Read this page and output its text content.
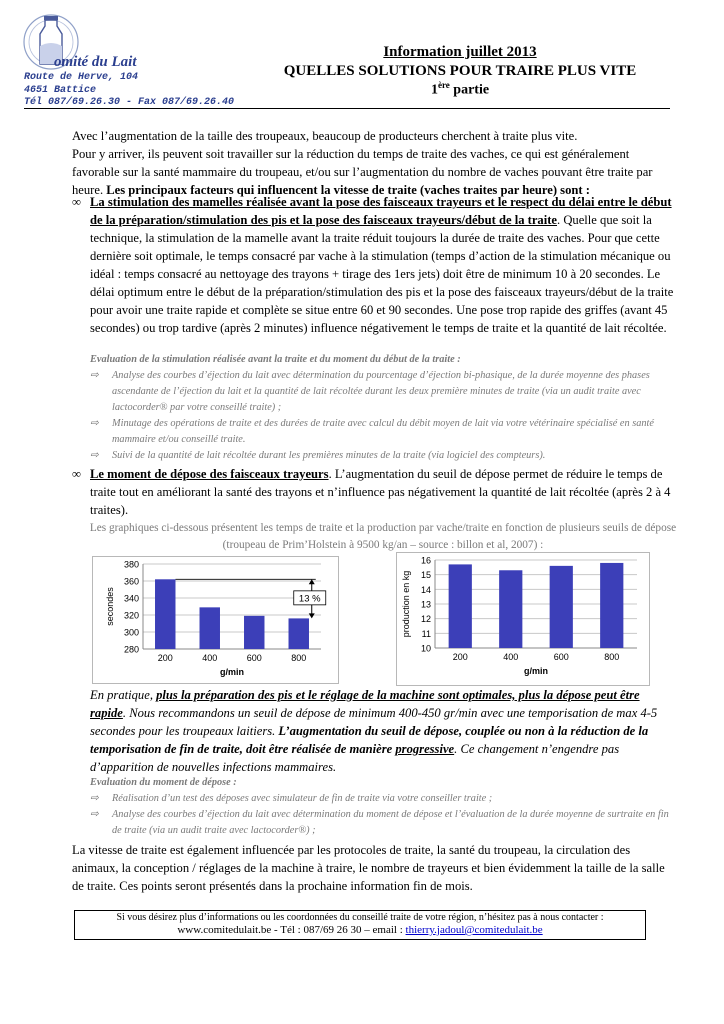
omité du Lait
Route de Herve, 104
4651 Battice
Tél 087/69.26.30 - Fax 087/69.26.40
Information juillet 2013
QUELLES SOLUTIONS POUR TRAIRE PLUS VITE
1ère partie
Avec l’augmentation de la taille des troupeaux, beaucoup de producteurs cherchent à traite plus vite.
Pour y arriver, ils peuvent soit travailler sur la réduction du temps de traite des vaches, ce qui est généralement favorable sur la santé mammaire du troupeau, et/ou sur l’augmentation du nombre de vaches pouvant être traite par heure. Les principaux facteurs qui influencent la vitesse de traite (vaches traites par heure) sont :
∞ La stimulation des mamelles réalisée avant la pose des faisceaux trayeurs et le respect du délai entre le début de la préparation/stimulation des pis et la pose des faisceaux trayeurs/début de la traite. Quelle que soit la technique, la stimulation de la mamelle avant la traite réduit toujours la durée de traite des vaches. Pour que cette dernière soit optimale, le temps consacré par vache à la stimulation (temps d’action de la stimulation mécanique ou idéal : temps consacré au nettoyage des trayons + tirage des 1ers jets) doit être de minimum 10 à 20 secondes. Le délai optimum entre le début de la préparation/stimulation des pis et la pose des faisceaux trayeurs/début de la traite pour avoir une traite rapide et complète se situe entre 60 et 90 secondes. Une pose trop rapide des griffes (avant 45 secondes) ou trop tardive (après 2 minutes) influence négativement le temps de traite et la quantité de lait récoltée.
Evaluation de la stimulation réalisée avant la traite et du moment du début de la traite :
⇨ Analyse des courbes d’éjection du lait avec détermination du pourcentage d’éjection bi-phasique, de la durée moyenne des phases ascendante de l’éjection du lait et la quantité de lait récoltée durant les deux première minutes de traite (via un audit traite avec lactocorder® par votre conseillé traite) ;
⇨ Minutage des opérations de traite et des durées de traite avec calcul du débit moyen de lait via votre vétérinaire spécialisé en santé mammaire et/ou conseillé traite.
⇨ Suivi de la quantité de lait récoltée durant les premières minutes de la traite (via logiciel des compteurs).
∞ Le moment de dépose des faisceaux trayeurs. L’augmentation du seuil de dépose permet de réduire le temps de traite tout en améliorant la santé des trayons et n’influence pas négativement la quantité de lait récoltée (après 2 à 4 traites).
Les graphiques ci-dessous présentent les temps de traite et la production par vache/traite en fonction de plusieurs seuils de dépose (troupeau de Prim’Holstein à 9500 kg/an – source : billon et al, 2007) :
280
300
320
340
360
380
200	400	600	800
g/min
secondes	13 %
10
11
12
13
14
15
16
200	400	600	800
g/min
production en kg
En pratique, plus la préparation des pis et le réglage de la machine sont optimales, plus la dépose peut être rapide. Nous recommandons un seuil de dépose de minimum 400-450 gr/min avec une temporisation de max 4-5 secondes pour les troupeaux laitiers. L’augmentation du seuil de dépose, couplée ou non à la réduction de la temporisation de fin de traite, doit être réalisée de manière progressive. Ce changement n’engendre pas d’apparition de nouvelles infections mammaires.
Evaluation du moment de dépose :
⇨ Réalisation d’un test des déposes avec simulateur de fin de traite via votre conseiller traite ;
⇨ Analyse des courbes d’éjection du lait avec détermination du moment de dépose et l’évaluation de la durée moyenne de surtraite en fin de traite (via un audit traite avec lactocorder®) ;
La vitesse de traite est également influencée par les protocoles de traite, la santé du troupeau, la circulation des animaux, la conception / réglages de la machine à traire, le nombre de trayeurs et bien évidemment la taille de la salle de traite. Ces points seront présentés dans la prochaine information fin de mois.
Si vous désirez plus d’informations ou les coordonnées du conseillé traite de votre région, n’hésitez pas à nous contacter :
www.comitedulait.be - Tél : 087/69 26 30 – email : thierry.jadoul@comitedulait.be
